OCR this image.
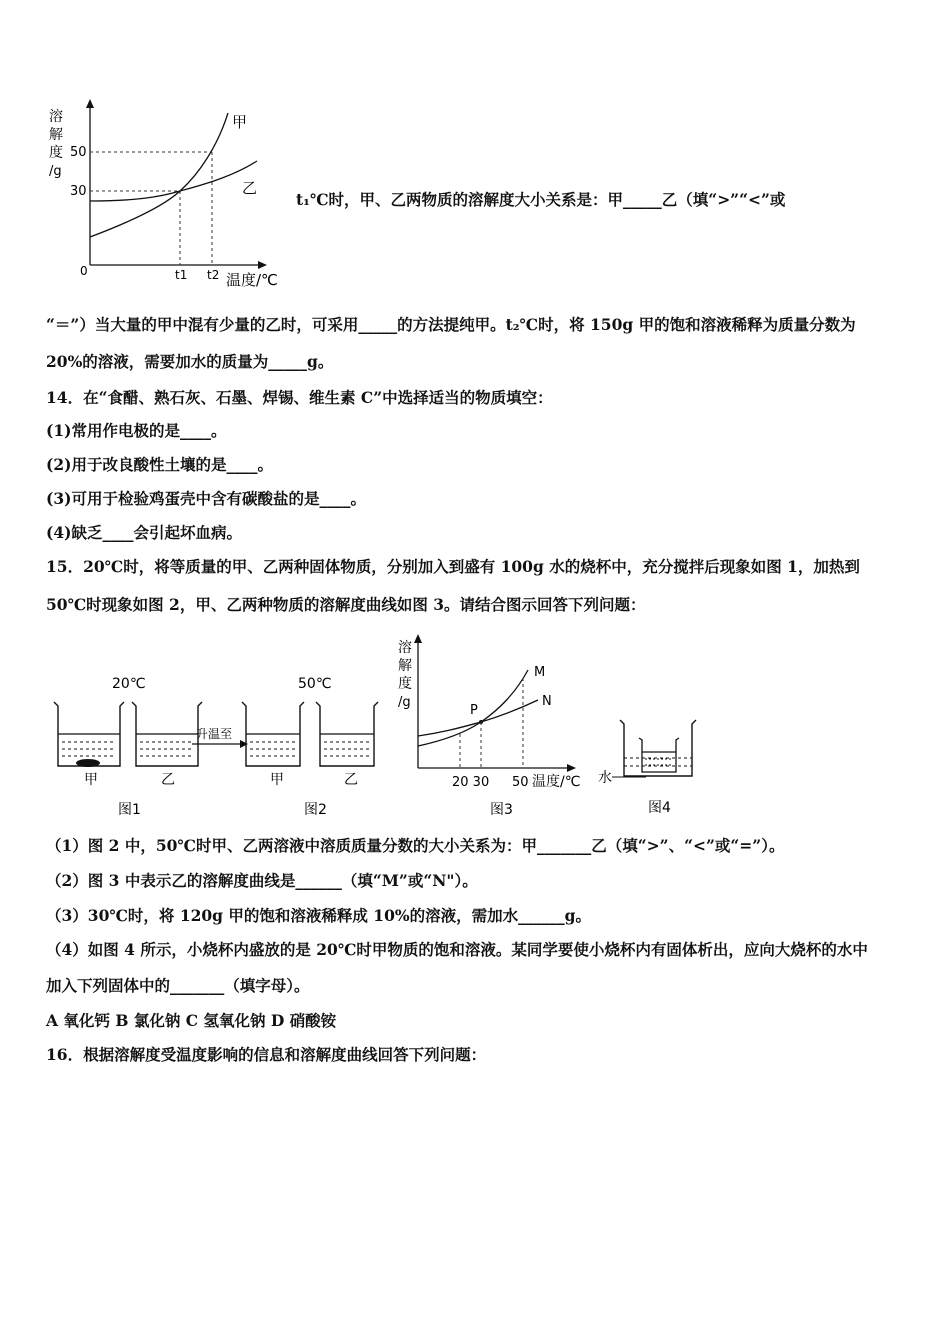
溶
解
度
/g
50
30
0
甲
乙
t1 t2 温度/℃
t₁℃时，甲、乙两物质的溶解度大小关系是：甲_____乙（填“>”“<”或
“＝”）当大量的甲中混有少量的乙时，可采用_____的方法提纯甲。t₂℃时，将 150g 甲的饱和溶液稀释为质量分数为
20%的溶液，需要加水的质量为_____g。
14．在“食醋、熟石灰、石墨、焊锡、维生素 C”中选择适当的物质填空：
(1)常用作电极的是____。
(2)用于改良酸性土壤的是____。
(3)可用于检验鸡蛋壳中含有碳酸盐的是____。
(4)缺乏____会引起坏血病。
15．20℃时，将等质量的甲、乙两种固体物质，分别加入到盛有 100g 水的烧杯中，充分搅拌后现象如图 1，加热到
50℃时现象如图 2，甲、乙两种物质的溶解度曲线如图 3。请结合图示回答下列问题：
20℃
甲	乙
图1
升温至
50℃
甲	乙
图2
溶
解
度
/g
M
N
P
20 30 50 温度/℃
图3
水
图4
（1）图 2 中，50℃时甲、乙两溶液中溶质质量分数的大小关系为：甲_______乙（填“>”、“<”或“=”）。
（2）图 3 中表示乙的溶解度曲线是______（填“M”或“N"）。
（3）30℃时，将 120g 甲的饱和溶液稀释成 10%的溶液，需加水______g。
（4）如图 4 所示，小烧杯内盛放的是 20℃时甲物质的饱和溶液。某同学要使小烧杯内有固体析出，应向大烧杯的水中
加入下列固体中的_______（填字母）。
A 氧化钙 B 氯化钠 C 氢氧化钠 D 硝酸铵
16．根据溶解度受温度影响的信息和溶解度曲线回答下列问题：
